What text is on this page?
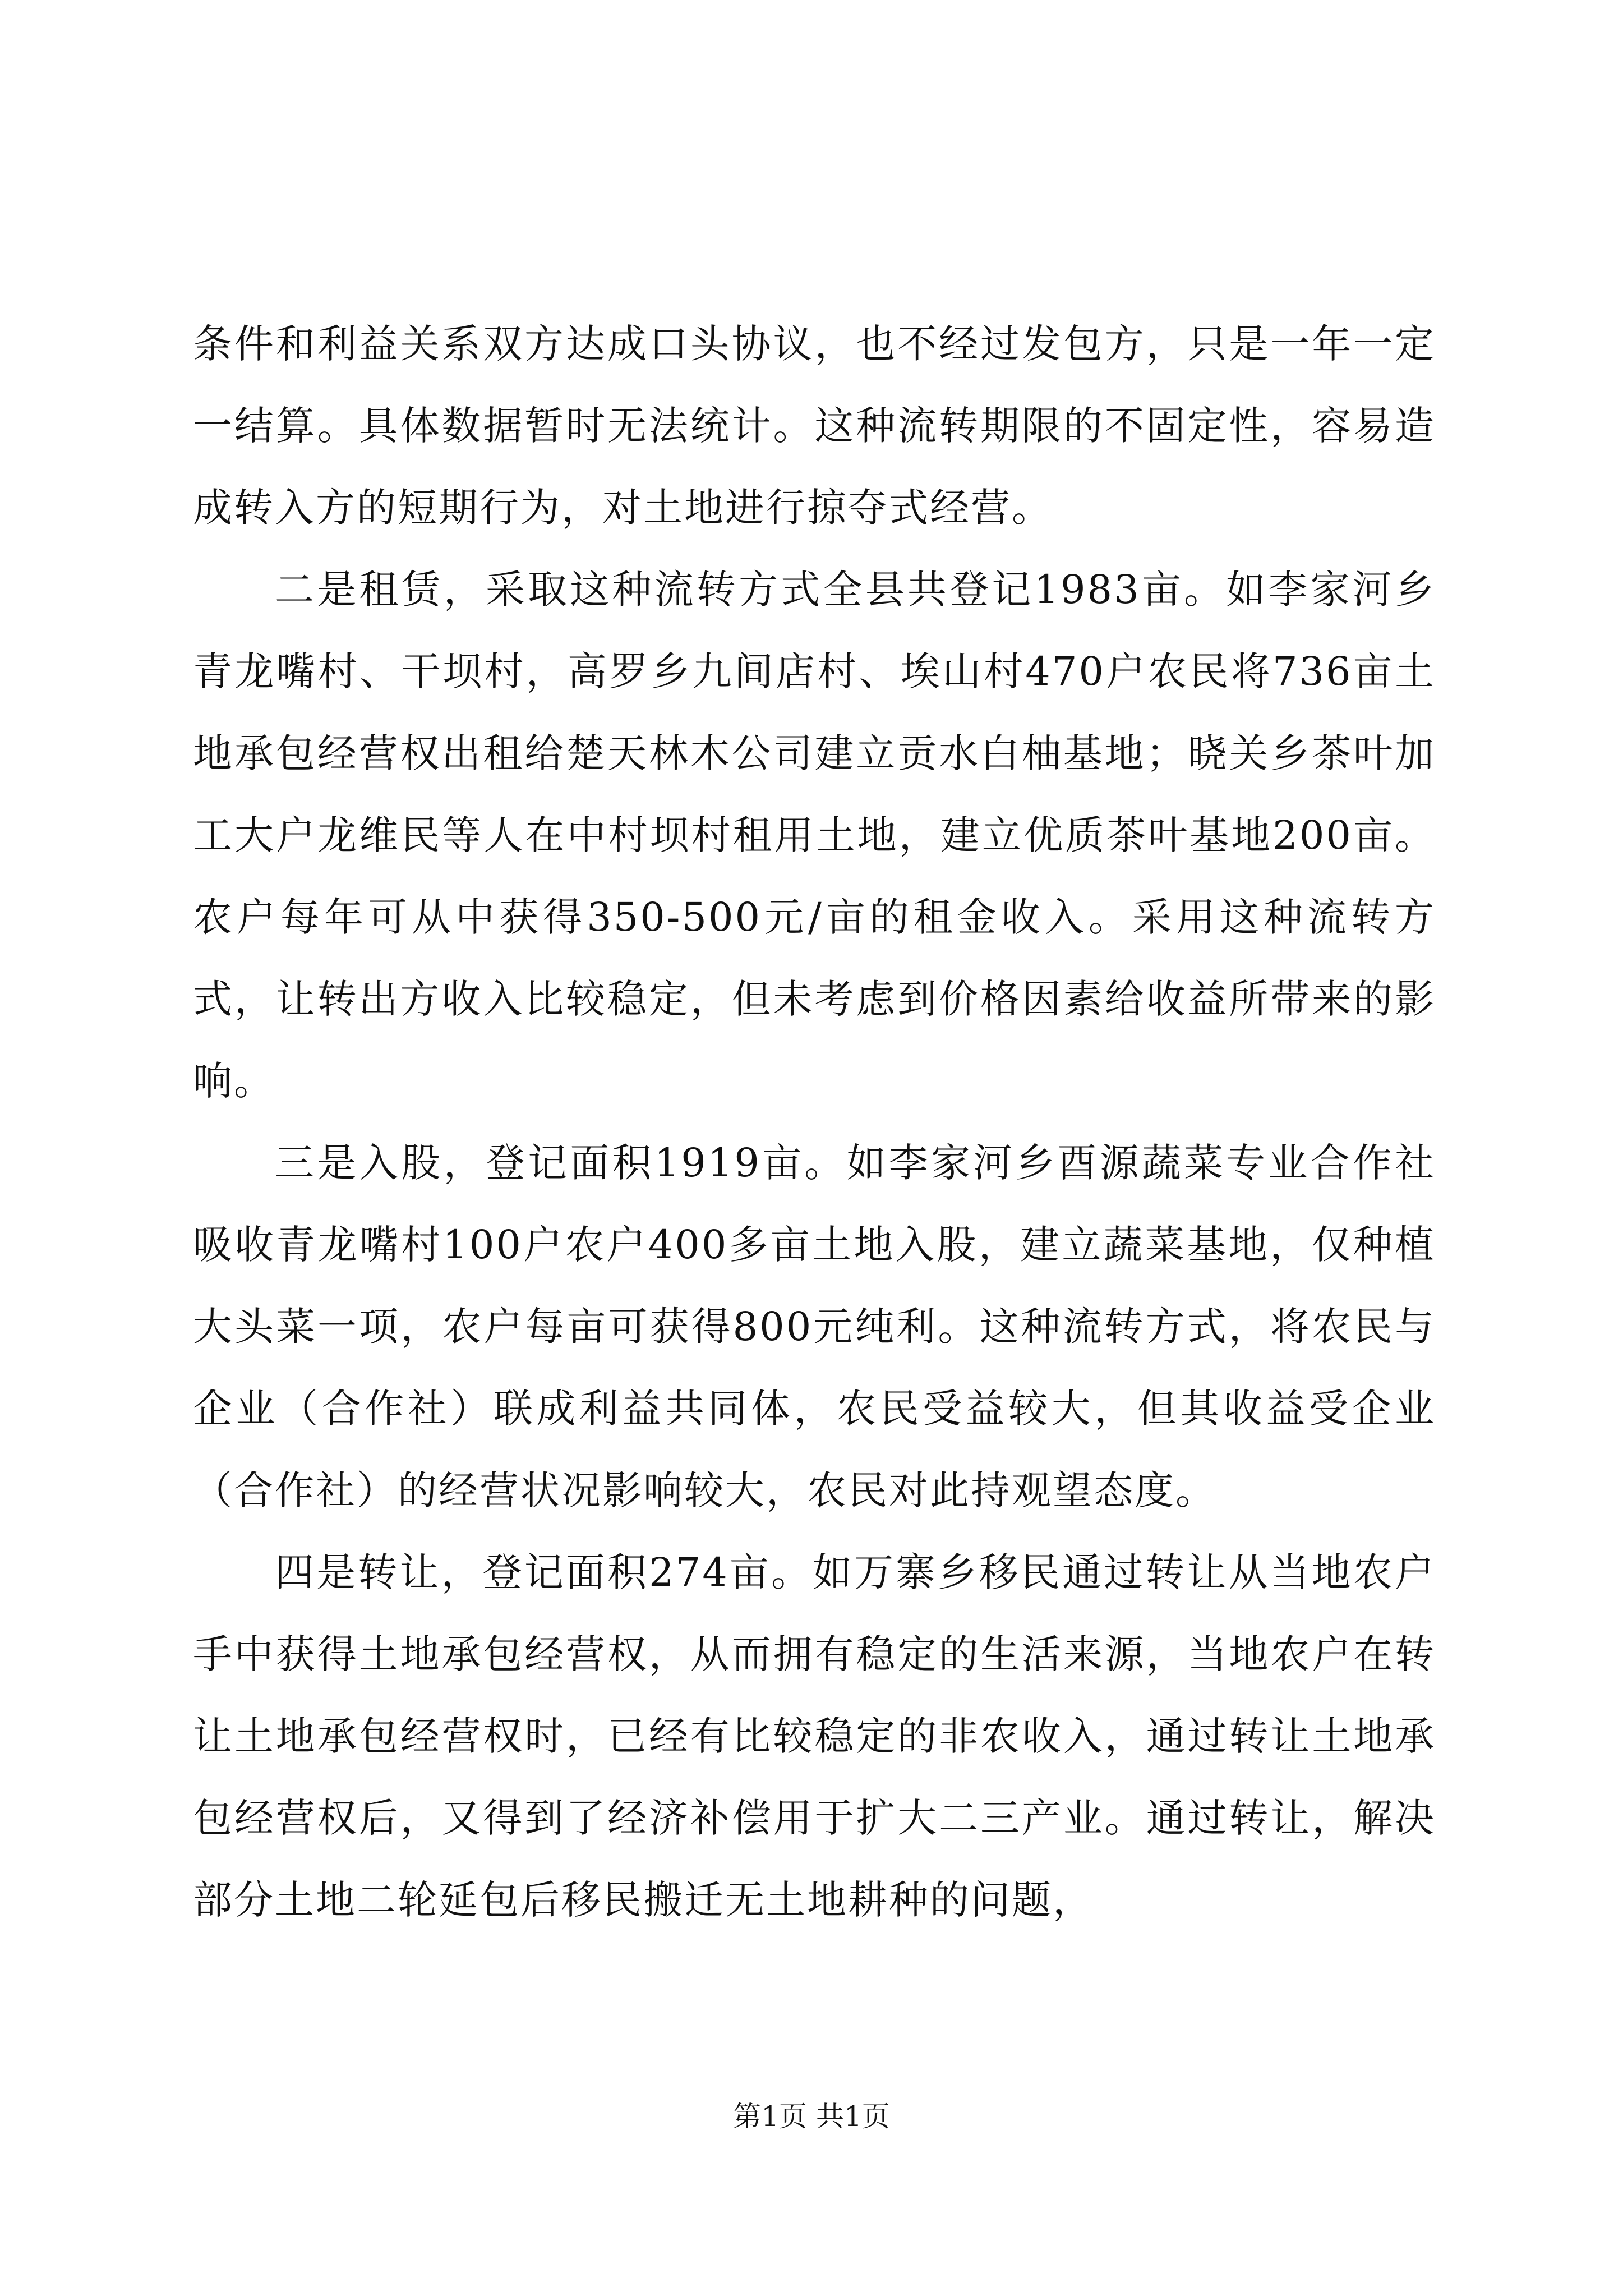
条件和利益关系双方达成口头协议，也不经过发包方，只是一年一定一结算。具体数据暂时无法统计。这种流转期限的不固定性，容易造成转入方的短期行为，对土地进行掠夺式经营。

二是租赁，采取这种流转方式全县共登记1983亩。如李家河乡青龙嘴村、干坝村，高罗乡九间店村、埃山村470户农民将736亩土地承包经营权出租给楚天林木公司建立贡水白柚基地；晓关乡茶叶加工大户龙维民等人在中村坝村租用土地，建立优质茶叶基地200亩。农户每年可从中获得350-500元/亩的租金收入。采用这种流转方式，让转出方收入比较稳定，但未考虑到价格因素给收益所带来的影响。

三是入股，登记面积1919亩。如李家河乡酉源蔬菜专业合作社吸收青龙嘴村100户农户400多亩土地入股，建立蔬菜基地，仅种植大头菜一项，农户每亩可获得800元纯利。这种流转方式，将农民与企业（合作社）联成利益共同体，农民受益较大，但其收益受企业（合作社）的经营状况影响较大，农民对此持观望态度。

四是转让，登记面积274亩。如万寨乡移民通过转让从当地农户手中获得土地承包经营权，从而拥有稳定的生活来源，当地农户在转让土地承包经营权时，已经有比较稳定的非农收入，通过转让土地承包经营权后，又得到了经济补偿用于扩大二三产业。通过转让，解决部分土地二轮延包后移民搬迁无土地耕种的问题，

第1页 共1页
